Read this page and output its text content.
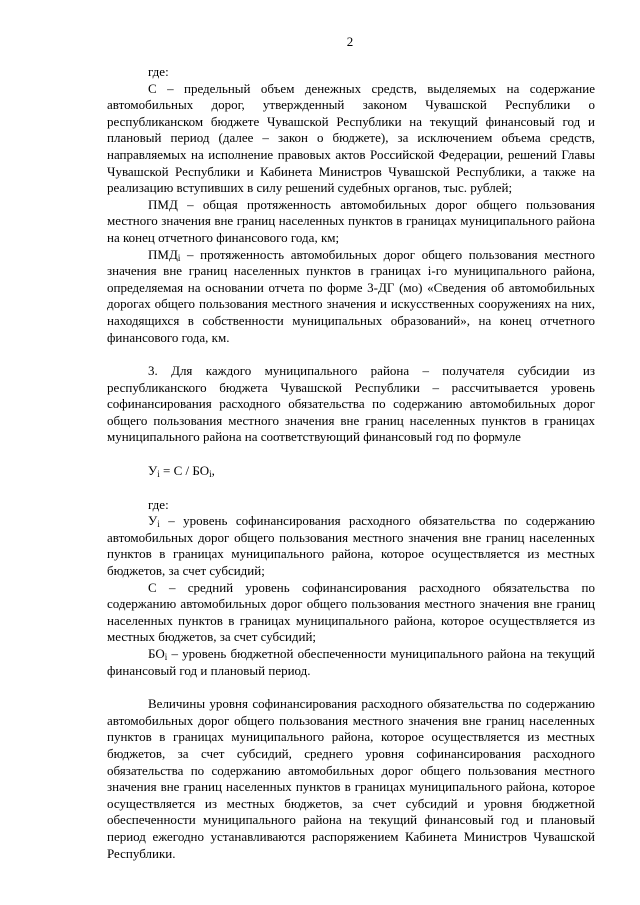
2

где:

С – предельный объем денежных средств, выделяемых на содержание автомобильных дорог, утвержденный законом Чувашской Республики о республиканском бюджете Чувашской Республики на текущий финансовый год и плановый период (далее – закон о бюджете), за исключением объема средств, направляемых на исполнение правовых актов Российской Федерации, решений Главы Чувашской Республики и Кабинета Министров Чувашской Республики, а также на реализацию вступивших в силу решений судебных органов, тыс. рублей;

ПМД – общая протяженность автомобильных дорог общего пользования местного значения вне границ населенных пунктов в границах муниципального района на конец отчетного финансового года, км;

$ПМД_i$ – протяженность автомобильных дорог общего пользования местного значения вне границ населенных пунктов в границах i-го муниципального района, определяемая на основании отчета по форме 3-ДГ (мо) «Сведения об автомобильных дорогах общего пользования местного значения и искусственных сооружениях на них, находящихся в собственности муниципальных образований», на конец отчетного финансового года, км.

3. Для каждого муниципального района – получателя субсидии из республиканского бюджета Чувашской Республики – рассчитывается уровень софинансирования расходного обязательства по содержанию автомобильных дорог общего пользования местного значения вне границ населенных пунктов в границах муниципального района на соответствующий финансовый год по формуле

$У_i = С / БО_i$,

где:

$У_i$ – уровень софинансирования расходного обязательства по содержанию автомобильных дорог общего пользования местного значения вне границ населенных пунктов в границах муниципального района, которое осуществляется из местных бюджетов, за счет субсидий;

С – средний уровень софинансирования расходного обязательства по содержанию автомобильных дорог общего пользования местного значения вне границ населенных пунктов в границах муниципального района, которое осуществляется из местных бюджетов, за счет субсидий;

$БО_i$ – уровень бюджетной обеспеченности муниципального района на текущий финансовый год и плановый период.

Величины уровня софинансирования расходного обязательства по содержанию автомобильных дорог общего пользования местного значения вне границ населенных пунктов в границах муниципального района, которое осуществляется из местных бюджетов, за счет субсидий, среднего уровня софинансирования расходного обязательства по содержанию автомобильных дорог общего пользования местного значения вне границ населенных пунктов в границах муниципального района, которое осуществляется из местных бюджетов, за счет субсидий и уровня бюджетной обеспеченности муниципального района на текущий финансовый год и плановый период ежегодно устанавливаются распоряжением Кабинета Министров Чувашской Республики.
